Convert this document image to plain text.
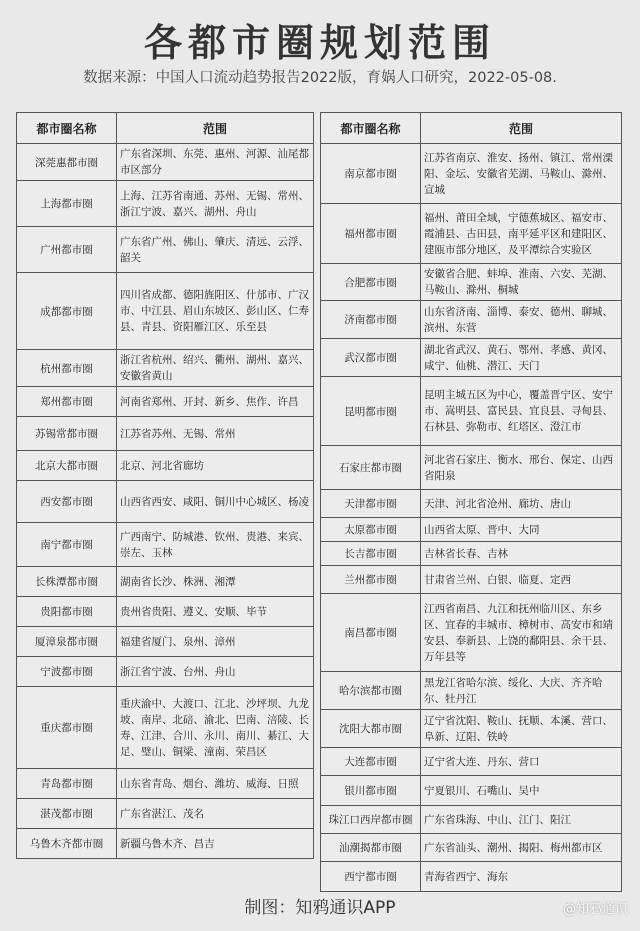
各都市圈规划范围
数据来源：中国人口流动趋势报告2022版，育娲人口研究，2022-05-08.
都市圈名称	范围
深莞惠都市圈	广东省深圳、东莞、惠州、河源、汕尾都市区部分
上海都市圈	上海、江苏省南通、苏州、无锡、常州、浙江宁波、嘉兴、湖州、舟山
广州都市圈	广东省广州、佛山、肇庆、清远、云浮、韶关
成都都市圈	四川省成都、德阳旌阳区、什邡市、广汉市、中江县、眉山东坡区、彭山区、仁寿县、青县、资阳雁江区、乐至县
杭州都市圈	浙江省杭州、绍兴、衢州、湖州、嘉兴、安徽省黄山
郑州都市圈	河南省郑州、开封、新乡、焦作、许昌
苏锡常都市圈	江苏省苏州、无锡、常州
北京大都市圈	北京、河北省廊坊
西安都市圈	山西省西安、咸阳、铜川中心城区、杨凌
南宁都市圈	广西南宁、防城港、钦州、贵港、来宾、崇左、玉林
长株潭都市圈	湖南省长沙、株洲、湘潭
贵阳都市圈	贵州省贵阳、遵义、安顺、毕节
厦漳泉都市圈	福建省厦门、泉州、漳州
宁波都市圈	浙江省宁波、台州、舟山
重庆都市圈	重庆渝中、大渡口、江北、沙坪坝、九龙坡、南岸、北碚、渝北、巴南、涪陵、长寿、江津、合川、永川、南川、綦江、大足、璧山、铜梁、潼南、荣昌区
青岛都市圈	山东省青岛、烟台、潍坊、威海、日照
湛茂都市圈	广东省湛江、茂名
乌鲁木齐都市圈	新疆乌鲁木齐、昌吉
都市圈名称	范围
南京都市圈	江苏省南京、淮安、扬州、镇江、常州溧阳、金坛、安徽省芜湖、马鞍山、滁州、宣城
福州都市圈	福州、莆田全域，宁德蕉城区、福安市、霞浦县、古田县，南平延平区和建阳区、建瓯市部分地区，及平潭综合实验区
合肥都市圈	安徽省合肥、蚌埠、淮南、六安、芜湖、马鞍山、滁州、桐城
济南都市圈	山东省济南、淄博、泰安、德州、聊城、滨州、东营
武汉都市圈	湖北省武汉、黄石、鄂州、孝感、黄冈、咸宁、仙桃、潜江、天门
昆明都市圈	昆明主城五区为中心，覆盖晋宁区、安宁市、嵩明县、富民县、宜良县、寻甸县、石林县、弥勒市、红塔区、澄江市
石家庄都市圈	河北省石家庄、衡水、邢台、保定、山西省阳泉
天津都市圈	天津、河北省沧州、廊坊、唐山
太原都市圈	山西省太原、晋中、大同
长吉都市圈	吉林省长春、吉林
兰州都市圈	甘肃省兰州、白银、临夏、定西
南昌都市圈	江西省南昌、九江和抚州临川区、东乡区、宜春的丰城市、樟树市、高安市和靖安县、奉新县、上饶的鄱阳县、余干县、万年县等
哈尔滨都市圈	黑龙江省哈尔滨、绥化、大庆、齐齐哈尔、牡丹江
沈阳大都市圈	辽宁省沈阳、鞍山、抚顺、本溪、营口、阜新、辽阳、铁岭
大连都市圈	辽宁省大连、丹东、营口
银川都市圈	宁夏银川、石嘴山、吴中
珠江口西岸都市圈	广东省珠海、中山、江门、阳江
汕潮揭都市圈	广东省汕头、潮州、揭阳、梅州都市区
西宁都市圈	青海省西宁、海东
制图：知鸦通识APP	@知鸦通识
